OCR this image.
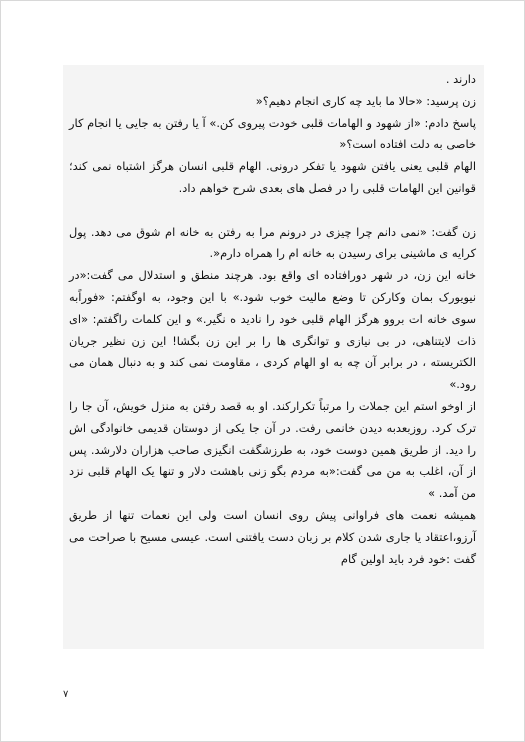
دارند .

زن پرسید: «حالا ما باید چه کاری انجام دهیم؟«

پاسخ دادم: «از شهود و الهامات قلبی خودت پیروی کن.» آ یا رفتن به جایی یا انجام کار خاصی به دلت افتاده است؟«

الهام قلبی یعنی یافتن شهود یا تفکر درونی. الهام قلبی انسان هرگز اشتباه نمی کند؛قوانین این الهامات قلبی را در فصل های بعدی شرح خواهم داد.

زن گفت: «نمی دانم چرا چیزی در درونم مرا به رفتن به خانه ام شوق می دهد. پول کرایه ی ماشینی برای رسیدن به خانه ام را همراه دارم«.

خانه این زن، در شهر دورافتاده ای واقع بود. هرچند منطق و استدلال می گفت:«در نیویورک بمان وکارکن تا وضع مالیت خوب شود.» با این وجود، به اوگفتم: «فوراًبه سوی خانه ات بروو هرگز الهام قلبی خود را نادید ه نگیر.» و این کلمات راگفتم: «ای ذات لایتناهی، در بی نیازی و توانگری ها را بر این زن بگشا! این زن نظیر جریان الکتریسته ، در برابر آن چه به او الهام کردی ، مقاومت نمی کند و به دنبال همان می رود.»

از اوخو استم این جملات را مرتباً تکرارکند. او به قصد رفتن به منزل خویش، آن جا را ترک کرد. روزبعدبه دیدن خانمی رفت. در آن جا یکی از دوستان قدیمی خانوادگی اش را دید. از طریق همین دوست خود، به طرزشگفت انگیزی صاحب هزاران دلارشد. پس از آن، اغلب به من می گفت:«به مردم بگو زنی باهشت دلار و تنها یک الهام قلبی نزد من آمد. »

همیشه نعمت های فراوانی پیش روی انسان است ولی این نعمات تنها از طریق آرزو،اعتقاد یا جاری شدن کلام بر زبان دست یافتنی است. عیسی مسیح با صراحت می گفت :خود فرد باید اولین گام

۷
